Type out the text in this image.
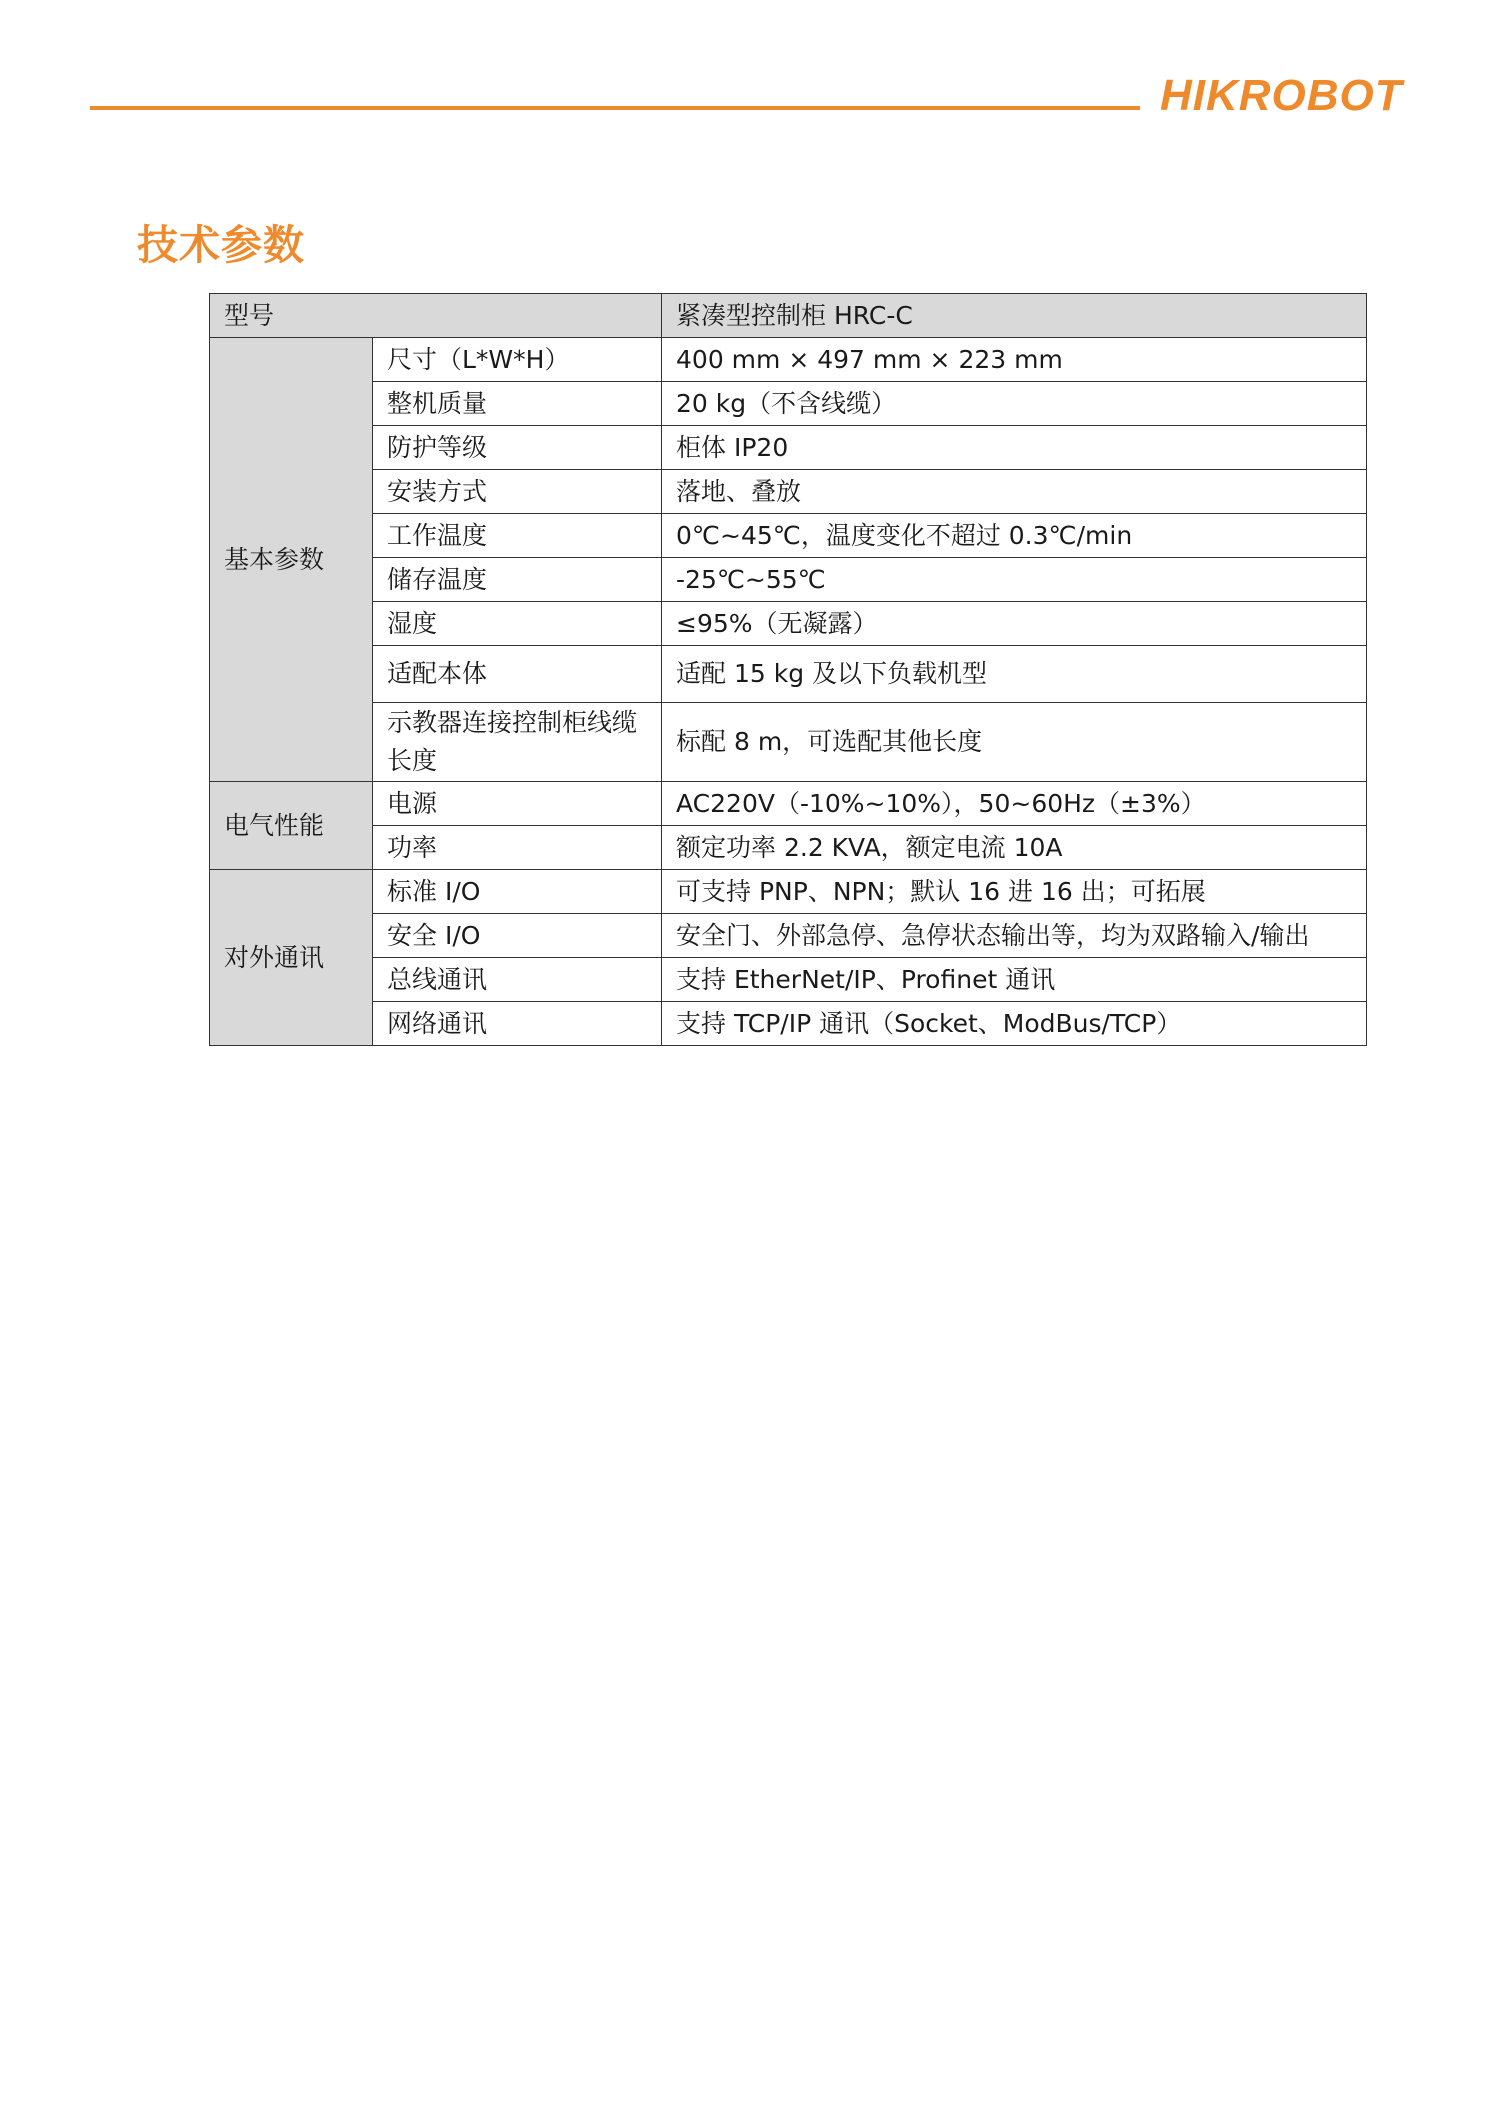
HIKROBOT
技术参数
型号		紧凑型控制柜 HRC-C
基本参数	尺寸（L*W*H）	400 mm × 497 mm × 223 mm
	整机质量	20 kg（不含线缆）
	防护等级	柜体 IP20
	安装方式	落地、叠放
	工作温度	0℃~45℃，温度变化不超过 0.3℃/min
	储存温度	-25℃~55℃
	湿度	≤95%（无凝露）
	适配本体	适配 15 kg 及以下负载机型
	示教器连接控制柜线缆长度	标配 8 m，可选配其他长度
电气性能	电源	AC220V（-10%~10%），50~60Hz（±3%）
	功率	额定功率 2.2 KVA，额定电流 10A
对外通讯	标准 I/O	可支持 PNP、NPN；默认 16 进 16 出；可拓展
	安全 I/O	安全门、外部急停、急停状态输出等，均为双路输入/输出
	总线通讯	支持 EtherNet/IP、Profinet 通讯
	网络通讯	支持 TCP/IP 通讯（Socket、ModBus/TCP）
